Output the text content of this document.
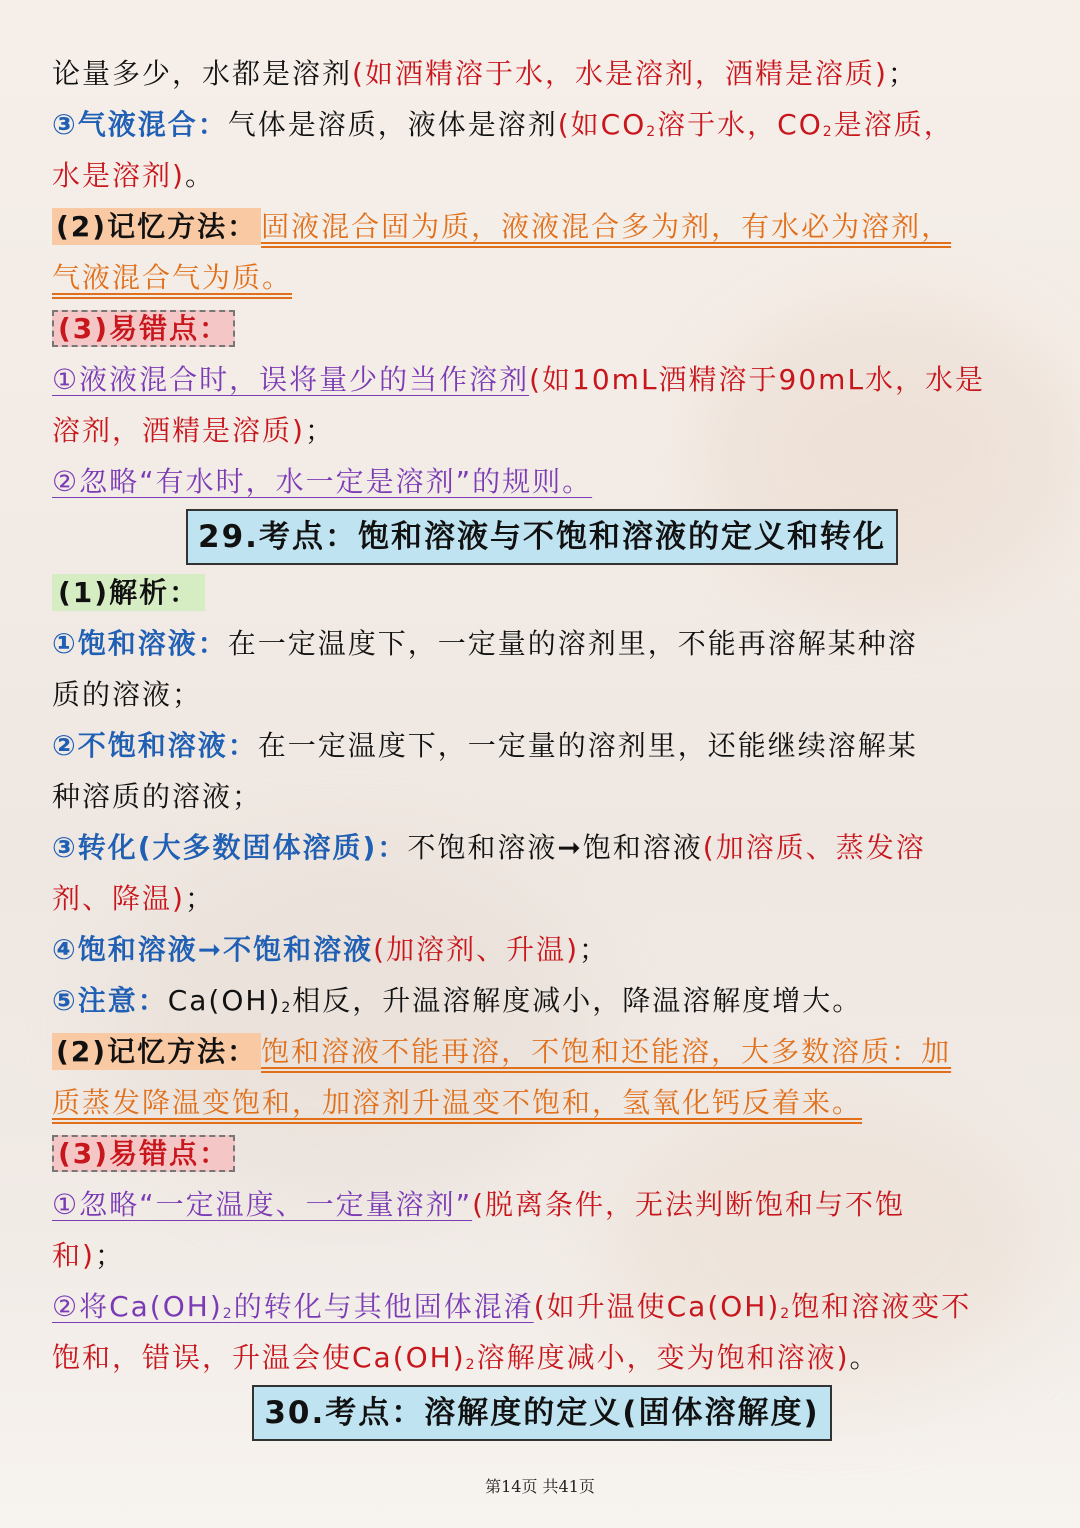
论量多少，水都是溶剂(如酒精溶于水，水是溶剂，酒精是溶质)；
③气液混合：气体是溶质，液体是溶剂(如$CO_2$溶于水，$CO_2$是溶质，
水是溶剂)。
(2)记忆方法： 固液混合固为质，液液混合多为剂，有水必为溶剂，
气液混合气为质。
(3)易错点：
①液液混合时，误将量少的当作溶剂(如10mL酒精溶于90mL水，水是
溶剂，酒精是溶质)；
②忽略“有水时，水一定是溶剂”的规则。
29.考点：饱和溶液与不饱和溶液的定义和转化
(1)解析：
①饱和溶液：在一定温度下，一定量的溶剂里，不能再溶解某种溶
质的溶液；
②不饱和溶液：在一定温度下，一定量的溶剂里，还能继续溶解某
种溶质的溶液；
③转化(大多数固体溶质)：不饱和溶液➞饱和溶液(加溶质、蒸发溶
剂、降温)；
④饱和溶液➞不饱和溶液(加溶剂、升温)；
⑤注意：$Ca(OH)_2$相反，升温溶解度减小，降温溶解度增大。
(2)记忆方法： 饱和溶液不能再溶，不饱和还能溶，大多数溶质：加
质蒸发降温变饱和，加溶剂升温变不饱和，氢氧化钙反着来。
(3)易错点：
①忽略“一定温度、一定量溶剂”(脱离条件，无法判断饱和与不饱
和)；
②将$Ca(OH)_2$的转化与其他固体混淆(如升温使$Ca(OH)_2$饱和溶液变不
饱和，错误，升温会使$Ca(OH)_2$溶解度减小，变为饱和溶液)。
30.考点：溶解度的定义(固体溶解度)
第14页 共41页
